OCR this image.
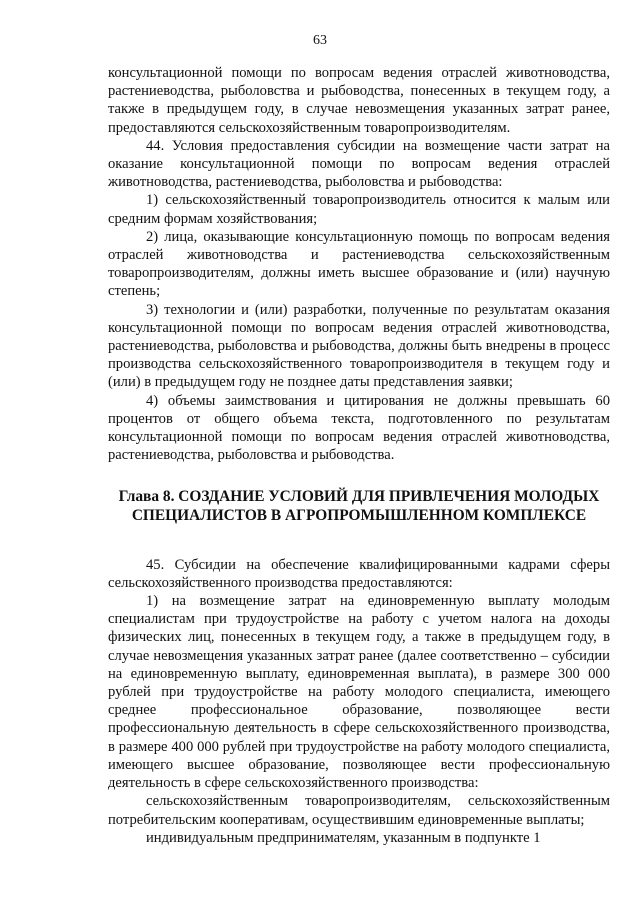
63

консультационной помощи по вопросам ведения отраслей животноводства, растениеводства, рыболовства и рыбоводства, понесенных в текущем году, а также в предыдущем году, в случае невозмещения указанных затрат ранее, предоставляются сельскохозяйственным товаропроизводителям.

44. Условия предоставления субсидии на возмещение части затрат на оказание консультационной помощи по вопросам ведения отраслей животноводства, растениеводства, рыболовства и рыбоводства:

1) сельскохозяйственный товаропроизводитель относится к малым или средним формам хозяйствования;

2) лица, оказывающие консультационную помощь по вопросам ведения отраслей животноводства и растениеводства сельскохозяйственным товаропроизводителям, должны иметь высшее образование и (или) научную степень;

3) технологии и (или) разработки, полученные по результатам оказания консультационной помощи по вопросам ведения отраслей животноводства, растениеводства, рыболовства и рыбоводства, должны быть внедрены в процесс производства сельскохозяйственного товаропроизводителя в текущем году и (или) в предыдущем году не позднее даты представления заявки;

4) объемы заимствования и цитирования не должны превышать 60 процентов от общего объема текста, подготовленного по результатам консультационной помощи по вопросам ведения отраслей животноводства, растениеводства, рыболовства и рыбоводства.

Глава 8. СОЗДАНИЕ УСЛОВИЙ ДЛЯ ПРИВЛЕЧЕНИЯ МОЛОДЫХ
СПЕЦИАЛИСТОВ В АГРОПРОМЫШЛЕННОМ КОМПЛЕКСЕ

45. Субсидии на обеспечение квалифицированными кадрами сферы сельскохозяйственного производства предоставляются:

1) на возмещение затрат на единовременную выплату молодым специалистам при трудоустройстве на работу с учетом налога на доходы физических лиц, понесенных в текущем году, а также в предыдущем году, в случае невозмещения указанных затрат ранее (далее соответственно – субсидии на единовременную выплату, единовременная выплата), в размере 300 000 рублей при трудоустройстве на работу молодого специалиста, имеющего среднее профессиональное образование, позволяющее вести профессиональную деятельность в сфере сельскохозяйственного производства, в размере 400 000 рублей при трудоустройстве на работу молодого специалиста, имеющего высшее образование, позволяющее вести профессиональную деятельность в сфере сельскохозяйственного производства:

сельскохозяйственным товаропроизводителям, сельскохозяйственным потребительским кооперативам, осуществившим единовременные выплаты;

индивидуальным предпринимателям, указанным в подпункте 1
